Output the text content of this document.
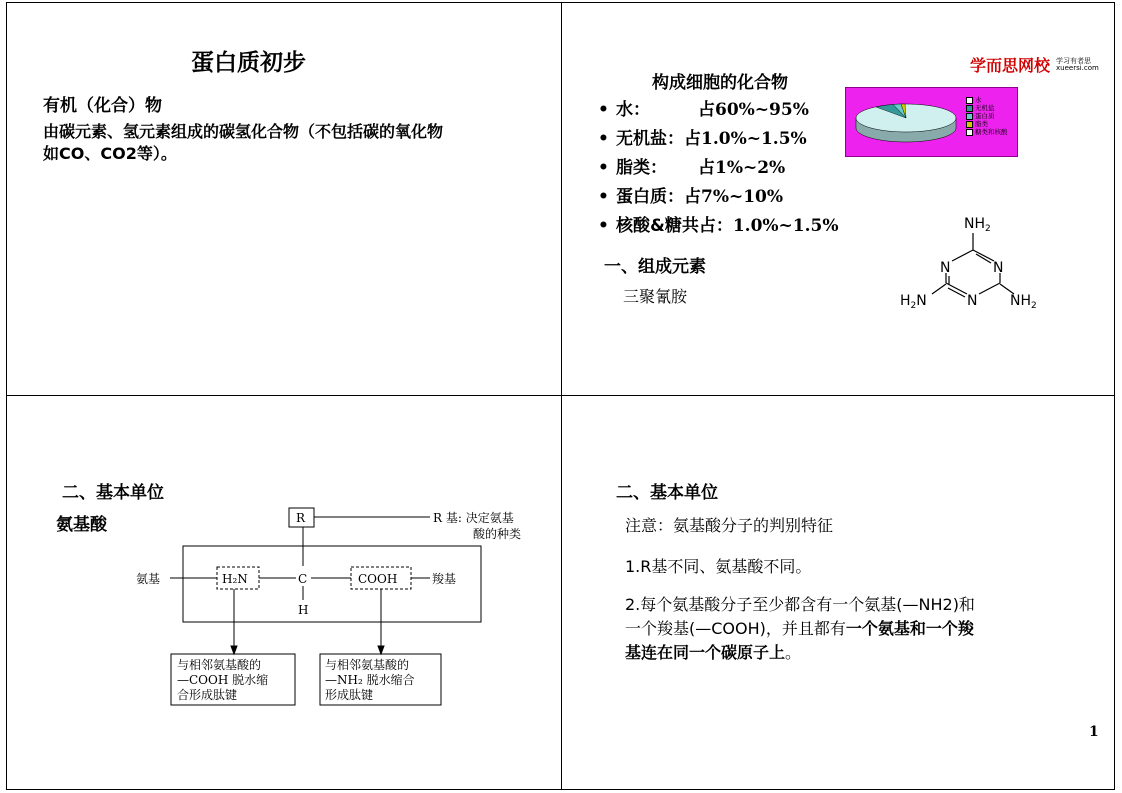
蛋白质初步
有机（化合）物
由碳元素、氢元素组成的碳氢化合物（不包括碳的氧化物
如CO、CO2等）。
学而思网校 学习有者思
xueersi.com
构成细胞的化合物
• 水：	占60%~95%
• 无机盐：占1.0%~1.5%
• 脂类： 占1%~2%
• 蛋白质：占7%~10%
• 核酸&糖共占：1.0%~1.5%
水
无机盐
蛋白质
脂类
糖类和核酸
一、组成元素
三聚氰胺
$NH_2$
N	N
N
$H_2N$	$NH_2$
二、基本单位
氨基酸	R	R 基: 决定氨基
酸的种类
氨基	H₂N	C	COOH	羧基
H
与相邻氨基酸的
—COOH 脱水缩
合形成肽键
与相邻氨基酸的
—NH₂ 脱水缩合
形成肽键
二、基本单位
注意：氨基酸分子的判别特征
1.R基不同、氨基酸不同。
2.每个氨基酸分子至少都含有一个氨基(—NH2)和
一个羧基(—COOH)，并且都有一个氨基和一个羧
基连在同一个碳原子上。
1
